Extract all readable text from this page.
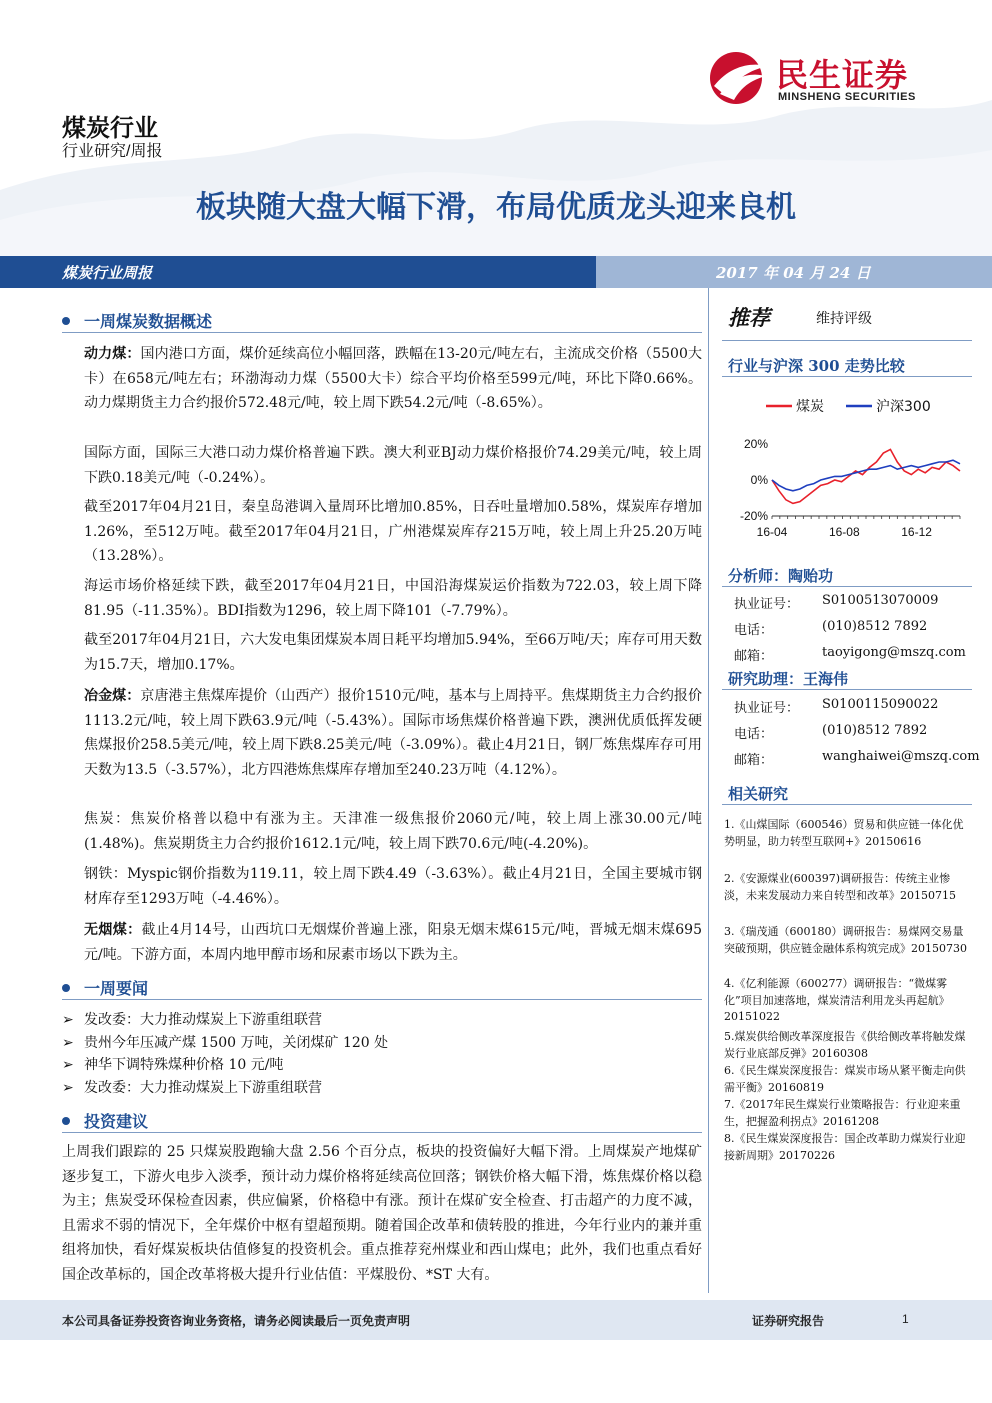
民生证券
MINSHENG SECURITIES
煤炭行业
行业研究/周报
板块随大盘大幅下滑，布局优质龙头迎来良机
煤炭行业周报	2017 年 04 月 24 日
一周煤炭数据概述
动力煤：国内港口方面，煤价延续高位小幅回落，跌幅在13-20元/吨左右，主流成交价格（5500大卡）在658元/吨左右；环渤海动力煤（5500大卡）综合平均价格至599元/吨，环比下降0.66%。动力煤期货主力合约报价572.48元/吨，较上周下跌54.2元/吨（-8.65%）。
国际方面，国际三大港口动力煤价格普遍下跌。澳大利亚BJ动力煤价格报价74.29美元/吨，较上周下跌0.18美元/吨（-0.24%）。
截至2017年04月21日，秦皇岛港调入量周环比增加0.85%，日吞吐量增加0.58%，煤炭库存增加1.26%，至512万吨。截至2017年04月21日，广州港煤炭库存215万吨，较上周上升25.20万吨（13.28%）。
海运市场价格延续下跌，截至2017年04月21日，中国沿海煤炭运价指数为722.03，较上周下降81.95（-11.35%）。BDI指数为1296，较上周下降101（-7.79%）。
截至2017年04月21日，六大发电集团煤炭本周日耗平均增加5.94%，至66万吨/天；库存可用天数为15.7天，增加0.17%。
冶金煤：京唐港主焦煤库提价（山西产）报价1510元/吨，基本与上周持平。焦煤期货主力合约报价1113.2元/吨，较上周下跌63.9元/吨（-5.43%）。国际市场焦煤价格普遍下跌，澳洲优质低挥发硬焦煤报价258.5美元/吨，较上周下跌8.25美元/吨（-3.09%）。截止4月21日，钢厂炼焦煤库存可用天数为13.5（-3.57%），北方四港炼焦煤库存增加至240.23万吨（4.12%）。
焦炭：焦炭价格普以稳中有涨为主。天津准一级焦报价2060元/吨，较上周上涨30.00元/吨(1.48%)。焦炭期货主力合约报价1612.1元/吨，较上周下跌70.6元/吨(-4.20%)。
钢铁：Myspic钢价指数为119.11，较上周下跌4.49（-3.63%）。截止4月21日，全国主要城市钢材库存至1293万吨（-4.46%）。
无烟煤：截止4月14号，山西坑口无烟煤价普遍上涨，阳泉无烟末煤615元/吨，晋城无烟末煤695元/吨。下游方面，本周内地甲醇市场和尿素市场以下跌为主。
一周要闻
➢ 发改委：大力推动煤炭上下游重组联营
➢ 贵州今年压减产煤 1500 万吨，关闭煤矿 120 处
➢ 神华下调特殊煤种价格 10 元/吨
➢ 发改委：大力推动煤炭上下游重组联营
投资建议
上周我们跟踪的 25 只煤炭股跑输大盘 2.56 个百分点，板块的投资偏好大幅下滑。上周煤炭产地煤矿逐步复工，下游火电步入淡季，预计动力煤价格将延续高位回落；钢铁价格大幅下滑，炼焦煤价格以稳为主；焦炭受环保检查因素，供应偏紧，价格稳中有涨。预计在煤矿安全检查、打击超产的力度不减，且需求不弱的情况下，全年煤价中枢有望超预期。随着国企改革和债转股的推进，今年行业内的兼并重组将加快，看好煤炭板块估值修复的投资机会。重点推荐兖州煤业和西山煤电；此外，我们也重点看好国企改革标的，国企改革将极大提升行业估值：平煤股份、*ST 大有。
推荐	维持评级
行业与沪深 300 走势比较
煤炭	沪深300
20%
0%
-20%
16-04	16-08	16-12
分析师：陶贻功
执业证号： S0100513070009
电话：	(010)8512 7892
邮箱：	taoyigong@mszq.com
研究助理：王海伟
执业证号： S0100115090022
电话：	(010)8512 7892
邮箱：	wanghaiwei@mszq.com
相关研究
1.《山煤国际（600546）贸易和供应链一体化优势明显，助力转型互联网+》20150616
2.《安源煤业(600397)调研报告：传统主业惨淡，未来发展动力来自转型和改革》20150715
3.《瑞茂通（600180）调研报告：易煤网交易量突破预期，供应链金融体系构筑完成》20150730
4.《亿利能源（600277）调研报告：“微煤雾化”项目加速落地，煤炭清洁利用龙头再起航》20151022
5.煤炭供给侧改革深度报告《供给侧改革将触发煤炭行业底部反弹》20160308
6.《民生煤炭深度报告：煤炭市场从紧平衡走向供需平衡》20160819
7.《2017年民生煤炭行业策略报告：行业迎来重生，把握盈利拐点》20161208
8.《民生煤炭深度报告：国企改革助力煤炭行业迎接新周期》20170226
本公司具备证券投资咨询业务资格，请务必阅读最后一页免责声明	证券研究报告	1
